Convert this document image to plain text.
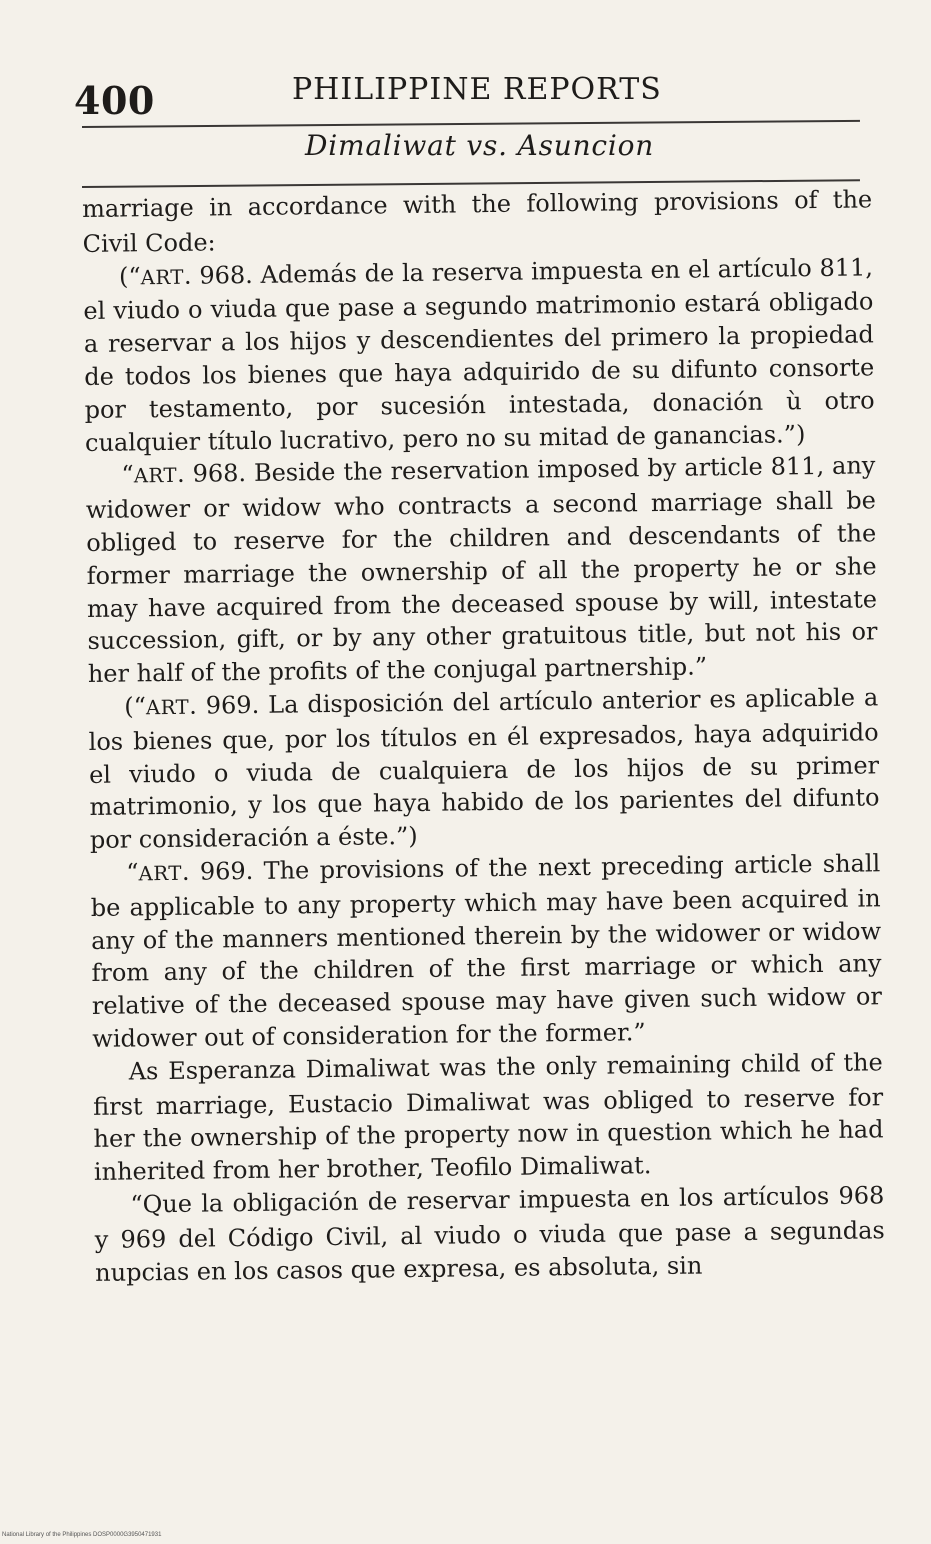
400	PHILIPPINE REPORTS
Dimaliwat vs. Asuncion

marriage in accordance with the following provisions of the Civil Code:

(“ART. 968. Además de la reserva impuesta en el artículo 811, el viudo o viuda que pase a segundo matrimonio estará obligado a reservar a los hijos y descendientes del primero la propiedad de todos los bienes que haya adquirido de su difunto consorte por testamento, por sucesión intestada, donación ù otro cualquier título lucrativo, pero no su mitad de ganancias.”)

“ART. 968. Beside the reservation imposed by article 811, any widower or widow who contracts a second marriage shall be obliged to reserve for the children and descendants of the former marriage the ownership of all the property he or she may have acquired from the deceased spouse by will, intestate succession, gift, or by any other gratuitous title, but not his or her half of the profits of the conjugal partnership.”

(“ART. 969. La disposición del artículo anterior es aplicable a los bienes que, por los títulos en él expresados, haya adquirido el viudo o viuda de cualquiera de los hijos de su primer matrimonio, y los que haya habido de los parientes del difunto por consideración a éste.”)

“ART. 969. The provisions of the next preceding article shall be applicable to any property which may have been acquired in any of the manners mentioned therein by the widower or widow from any of the children of the first marriage or which any relative of the deceased spouse may have given such widow or widower out of consideration for the former.”

As Esperanza Dimaliwat was the only remaining child of the first marriage, Eustacio Dimaliwat was obliged to reserve for her the ownership of the property now in question which he had inherited from her brother, Teofilo Dimaliwat.

“Que la obligación de reservar impuesta en los artículos 968 y 969 del Código Civil, al viudo o viuda que pase a segundas nupcias en los casos que expresa, es absoluta, sin

National Library of the Philippines DOSP0000G3950471931
